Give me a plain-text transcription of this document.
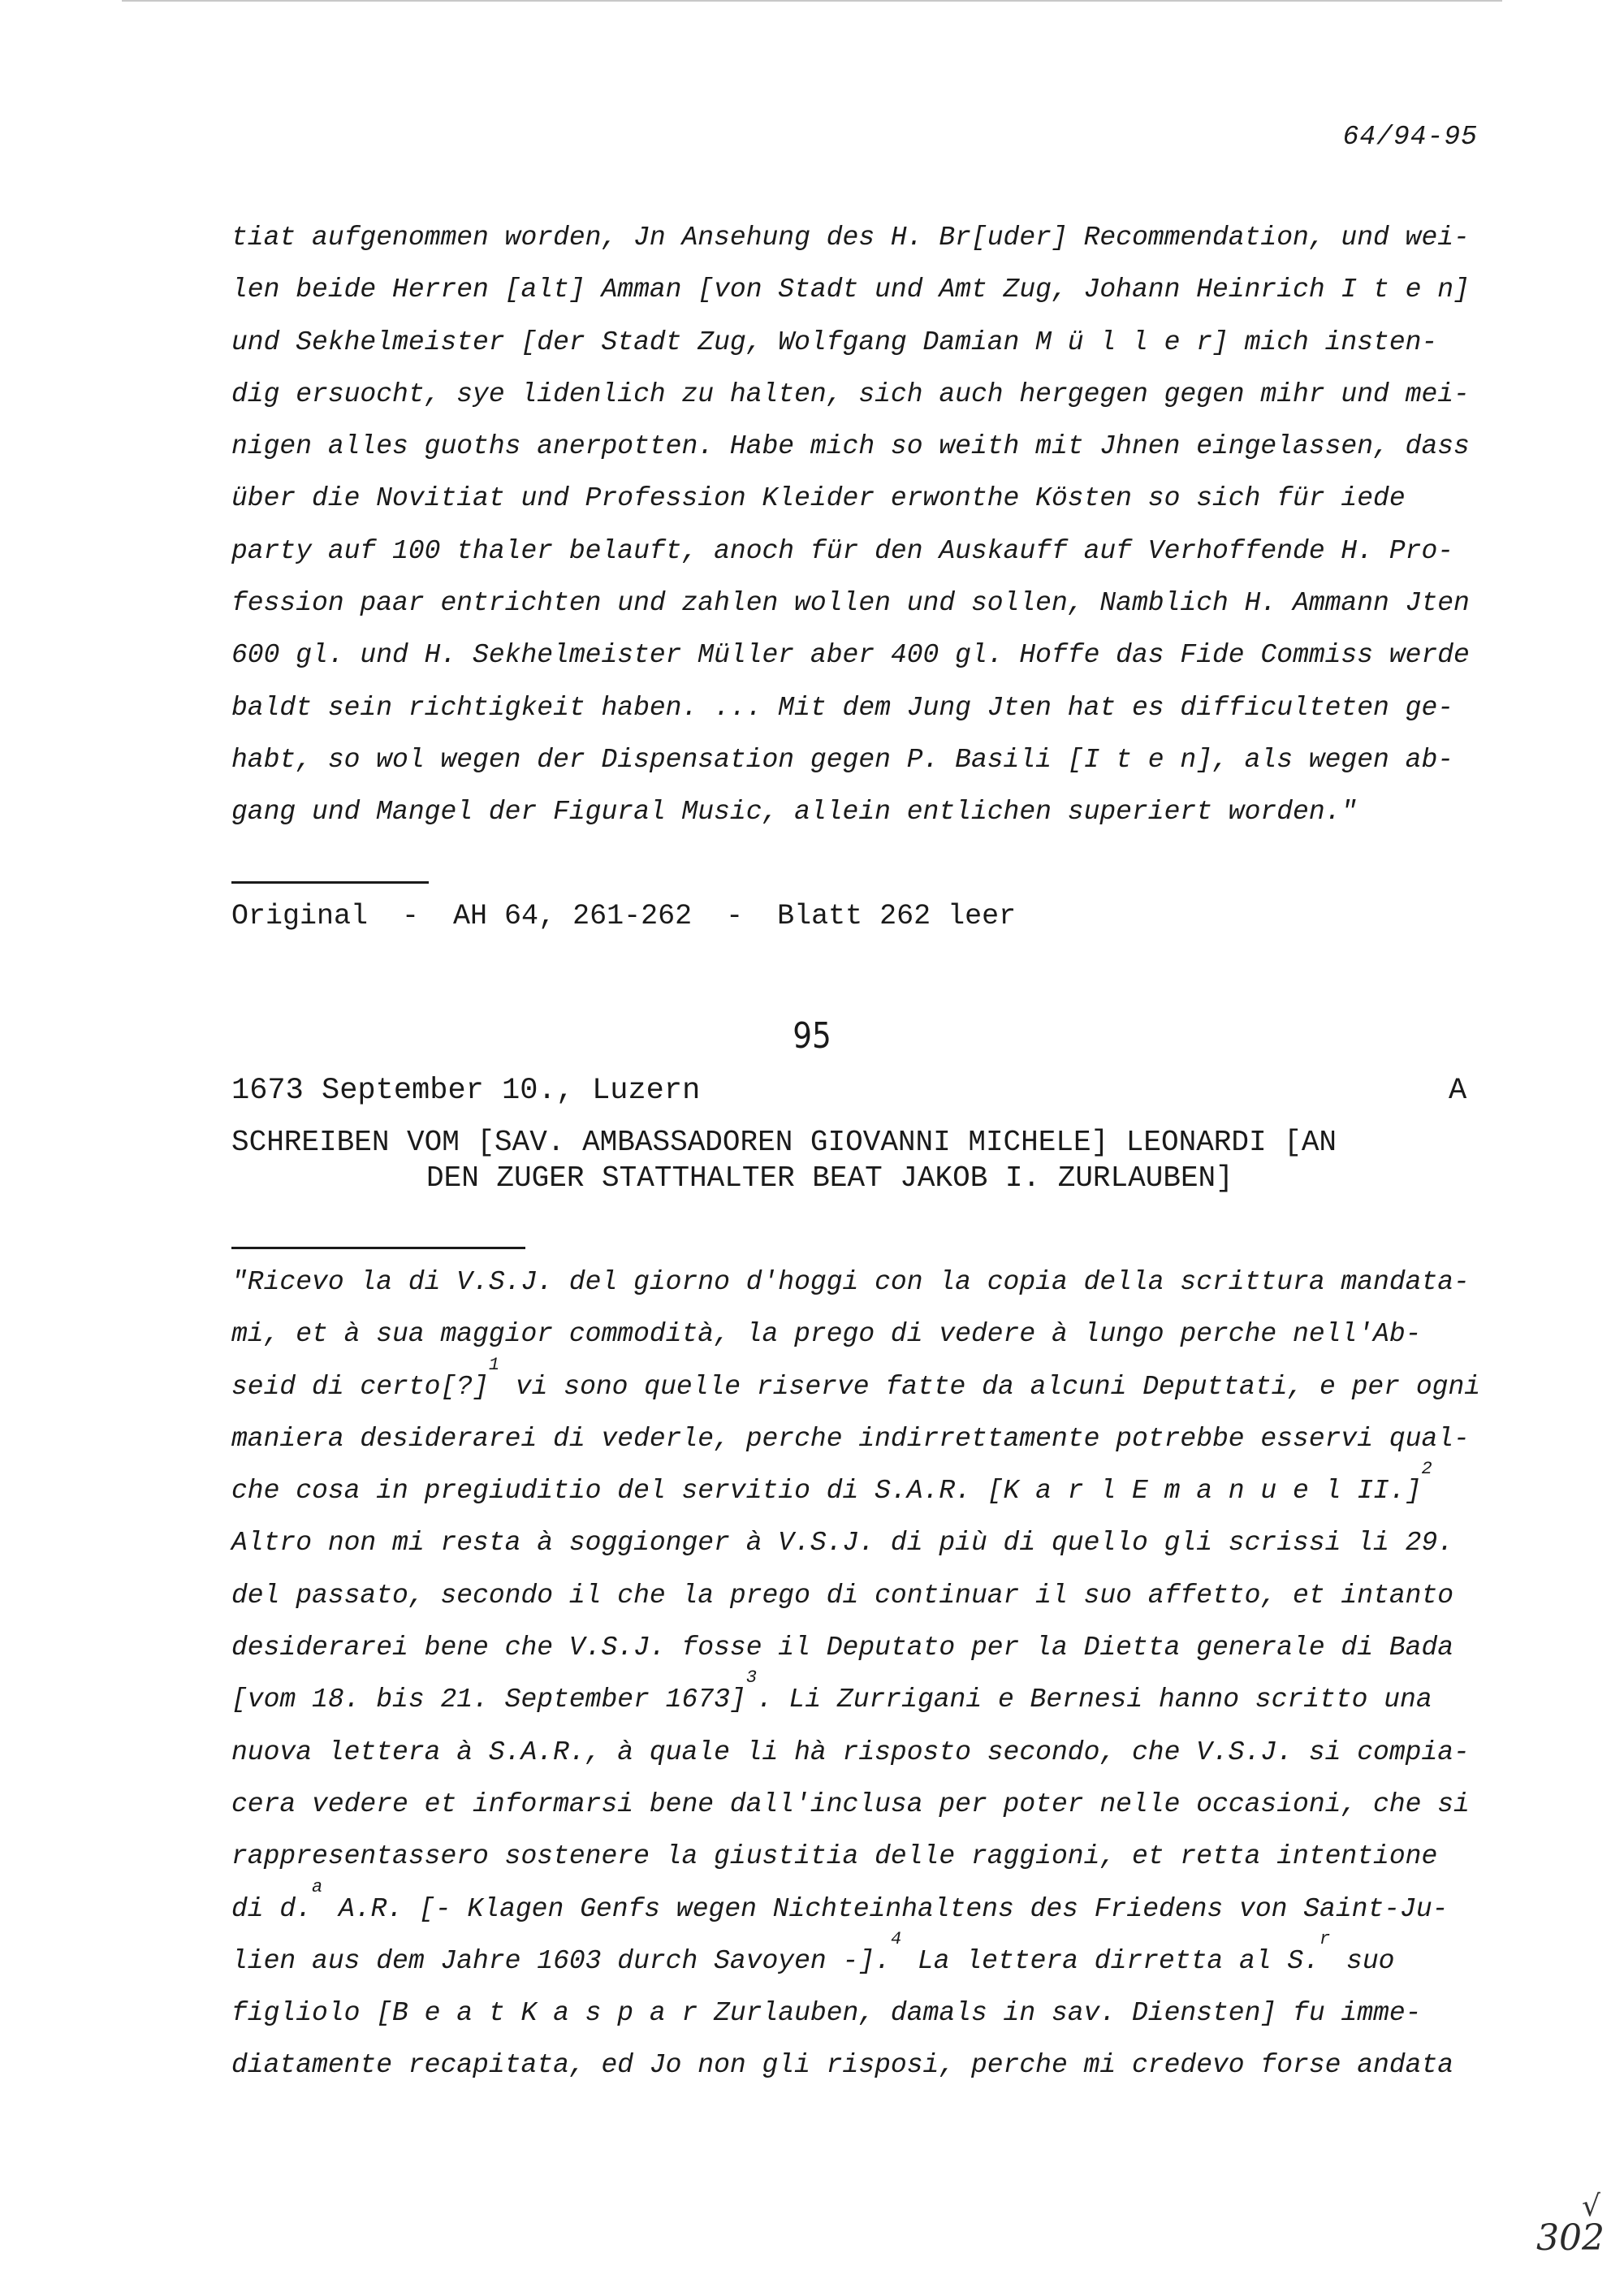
64/94-95
tiat aufgenommen worden, Jn Ansehung des H. Br[uder] Recommendation, und wei-
len beide Herren [alt] Amman [von Stadt und Amt Zug, Johann Heinrich I t e n]
und Sekhelmeister [der Stadt Zug, Wolfgang Damian M ü l l e r] mich insten-
dig ersuocht, sye lidenlich zu halten, sich auch hergegen gegen mihr und mei-
nigen alles guoths anerpotten. Habe mich so weith mit Jhnen eingelassen, dass
über die Novitiat und Profession Kleider erwonthe Kösten so sich für iede
party auf 100 thaler belauft, anoch für den Auskauff auf Verhoffende H. Pro-
fession paar entrichten und zahlen wollen und sollen, Namblich H. Ammann Jten
600 gl. und H. Sekhelmeister Müller aber 400 gl. Hoffe das Fide Commiss werde
baldt sein richtigkeit haben. ... Mit dem Jung Jten hat es difficulteten ge-
habt, so wol wegen der Dispensation gegen P. Basili [I t e n], als wegen ab-
gang und Mangel der Figural Music, allein entlichen superiert worden."
Original  -  AH 64, 261-262  -  Blatt 262 leer
95
1673 September 10., Luzern	A
SCHREIBEN VOM [SAV. AMBASSADOREN GIOVANNI MICHELE] LEONARDI [AN
DEN ZUGER STATTHALTER BEAT JAKOB I. ZURLAUBEN]
"Ricevo la di V.S.J. del giorno d'hoggi con la copia della scrittura mandata-
mi, et à sua maggior commodità, la prego di vedere à lungo perche nell'Ab-
seid di certo[?]$^1$ vi sono quelle riserve fatte da alcuni Deputtati, e per ogni
maniera desiderarei di vederle, perche indirrettamente potrebbe esservi qual-
che cosa in pregiuditio del servitio di S.A.R. [K a r l E m a n u e l II.]$^2$
Altro non mi resta à soggionger à V.S.J. di più di quello gli scrissi li 29.
del passato, secondo il che la prego di continuar il suo affetto, et intanto
desiderarei bene che V.S.J. fosse il Deputato per la Dietta generale di Bada
[vom 18. bis 21. September 1673]$^3$. Li Zurrigani e Bernesi hanno scritto una
nuova lettera à S.A.R., à quale li hà risposto secondo, che V.S.J. si compia-
cera vedere et informarsi bene dall'inclusa per poter nelle occasioni, che si
rappresentassero sostenere la giustitia delle raggioni, et retta intentione
di d.$^a$ A.R. [- Klagen Genfs wegen Nichteinhaltens des Friedens von Saint-Ju-
lien aus dem Jahre 1603 durch Savoyen -].$^4$ La lettera dirretta al S.$^r$ suo
figliolo [B e a t K a s p a r Zurlauben, damals in sav. Diensten] fu imme-
diatamente recapitata, ed Jo non gli risposi, perche mi credevo forse andata
√
302
